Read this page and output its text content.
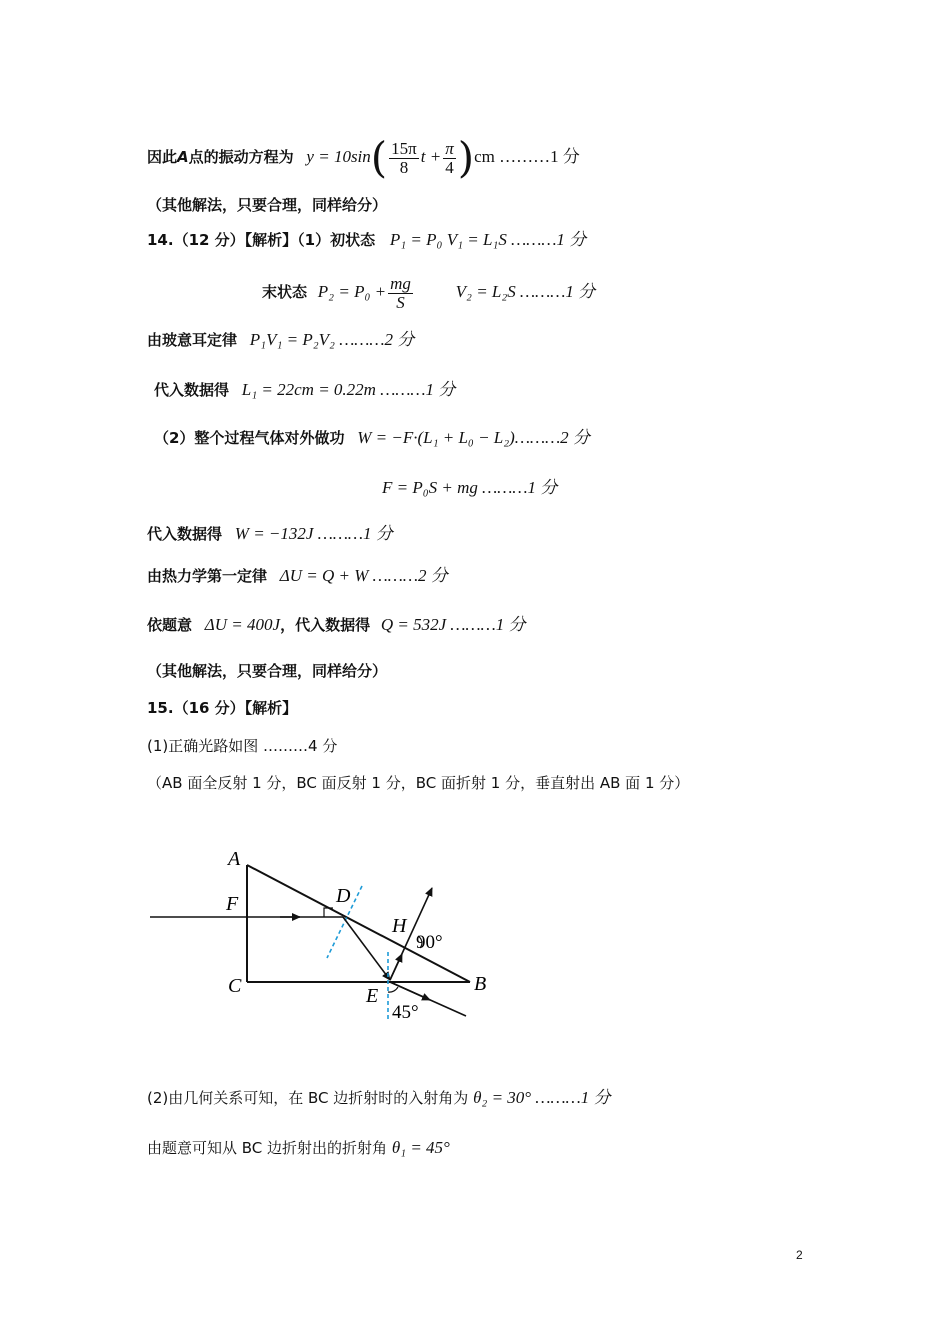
因此A点的振动方程为 $y = 10\sin( \frac{15\pi}{8}$ $t + \frac{\pi}{4} )cm$ ………1 分
（其他解法，只要合理，同样给分）
14.（12 分）【解析】（1）初状态 P₁ = P₀ V₁ = L₁S ………1 分
末状态 $P_2 = P_0 + \frac{mg}{S}$	V₂ = L₂S ………1 分
由玻意耳定律 P₁V₁ = P₂V₂ ………2 分
代入数据得 L₁ = 22cm = 0.22m ………1 分
（2）整个过程气体对外做功 W = −F·(L₁ + L₀ − L₂)………2 分
F = P₀S + mg ………1 分
代入数据得 W = −132J ………1 分
由热力学第一定律 ΔU = Q + W ………2 分
依题意 ΔU = 400J，代入数据得 Q = 532J ………1 分
（其他解法，只要合理，同样给分）
15.（16 分）【解析】
(1)正确光路如图 ………4 分
（AB 面全反射 1 分，BC 面反射 1 分，BC 面折射 1 分，垂直射出 AB 面 1 分）
A
F
C
D
H
E
B
90°
45°
(2)由几何关系可知，在 BC 边折射时的入射角为 θ₂ = 30° ………1 分
由题意可知从 BC 边折射出的折射角 θ₁ = 45°
2
